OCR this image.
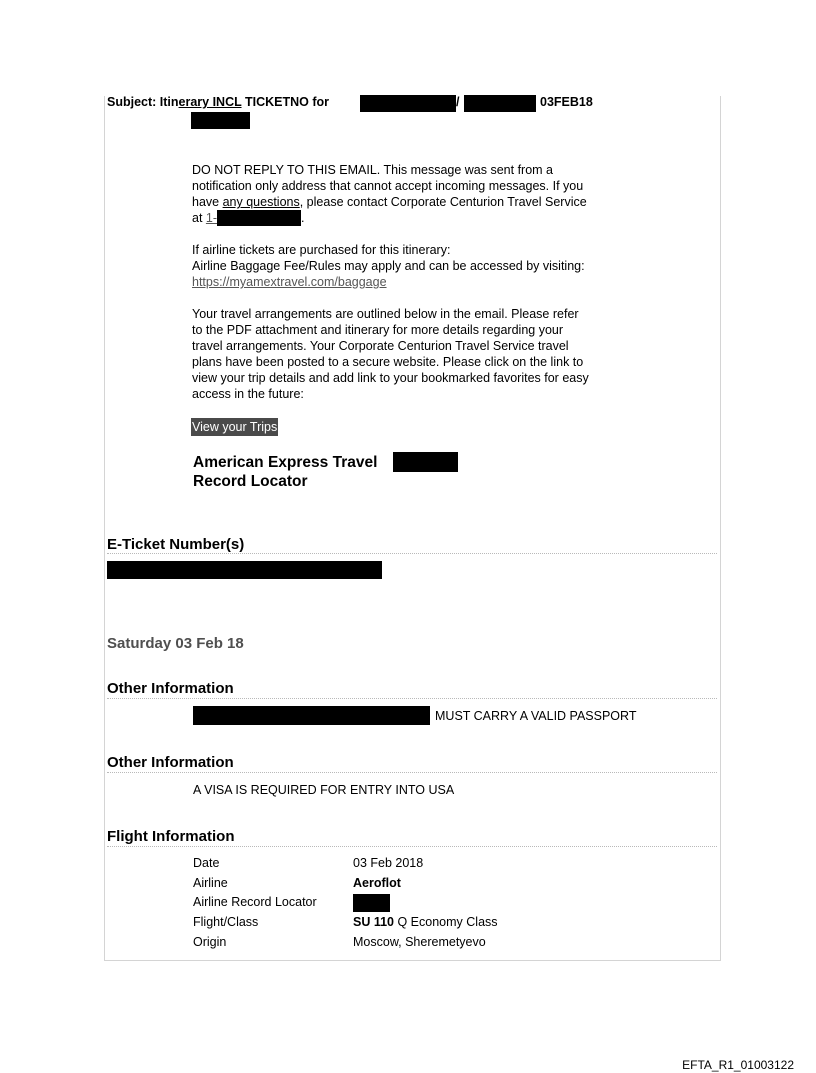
Subject: Itinerary INCL TICKETNO for	/	03FEB18
DO NOT REPLY TO THIS EMAIL. This message was sent from a
notification only address that cannot accept incoming messages. If you
have any questions, please contact Corporate Centurion Travel Service
at 1-	.
If airline tickets are purchased for this itinerary:
Airline Baggage Fee/Rules may apply and can be accessed by visiting:
https://myamextravel.com/baggage
Your travel arrangements are outlined below in the email. Please refer
to the PDF attachment and itinerary for more details regarding your
travel arrangements. Your Corporate Centurion Travel Service travel
plans have been posted to a secure website. Please click on the link to
view your trip details and add link to your bookmarked favorites for easy
access in the future:
View your Trips
American Express Travel
Record Locator
E-Ticket Number(s)
Saturday 03 Feb 18
Other Information
MUST CARRY A VALID PASSPORT
Other Information
A VISA IS REQUIRED FOR ENTRY INTO USA
Flight Information
Date	03 Feb 2018
Airline	Aeroflot
Airline Record Locator
Flight/Class	SU 110 Q Economy Class
Origin	Moscow, Sheremetyevo
EFTA_R1_01003122
